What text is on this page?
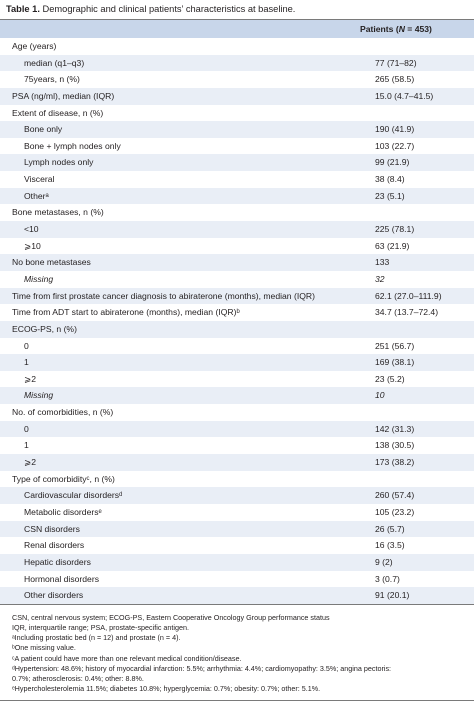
Table 1. Demographic and clinical patients’ characteristics at baseline.
Patients (N = 453)
Age (years)
median (q1–q3)	77 (71–82)
75years, n (%)	265 (58.5)
PSA (ng/ml), median (IQR)	15.0 (4.7–41.5)
Extent of disease, n (%)
Bone only	190 (41.9)
Bone + lymph nodes only	103 (22.7)
Lymph nodes only	99 (21.9)
Visceral	38 (8.4)
Otherᵃ	23 (5.1)
Bone metastases, n (%)
<10	225 (78.1)
⩾10	63 (21.9)
No bone metastases	133
Missing	32
Time from first prostate cancer diagnosis to abiraterone (months), median (IQR)	62.1 (27.0–111.9)
Time from ADT start to abiraterone (months), median (IQR)ᵇ	34.7 (13.7–72.4)
ECOG-PS, n (%)
0	251 (56.7)
1	169 (38.1)
⩾2	23 (5.2)
Missing	10
No. of comorbidities, n (%)
0	142 (31.3)
1	138 (30.5)
⩾2	173 (38.2)
Type of comorbidityᶜ, n (%)
Cardiovascular disordersᵈ	260 (57.4)
Metabolic disordersᵉ	105 (23.2)
CSN disorders	26 (5.7)
Renal disorders	16 (3.5)
Hepatic disorders	9 (2)
Hormonal disorders	3 (0.7)
Other disorders	91 (20.1)
CSN, central nervous system; ECOG-PS, Eastern Cooperative Oncology Group performance status
IQR, interquartile range; PSA, prostate-specific antigen.
ᵃIncluding prostatic bed (n = 12) and prostate (n = 4).
ᵇOne missing value.
ᶜA patient could have more than one relevant medical condition/disease.
ᵈHypertension: 48.6%; history of myocardial infarction: 5.5%; arrhythmia: 4.4%; cardiomyopathy: 3.5%; angina pectoris:
0.7%; atherosclerosis: 0.4%; other: 8.8%.
ᵉHypercholesterolemia 11.5%; diabetes 10.8%; hyperglycemia: 0.7%; obesity: 0.7%; other: 5.1%.
